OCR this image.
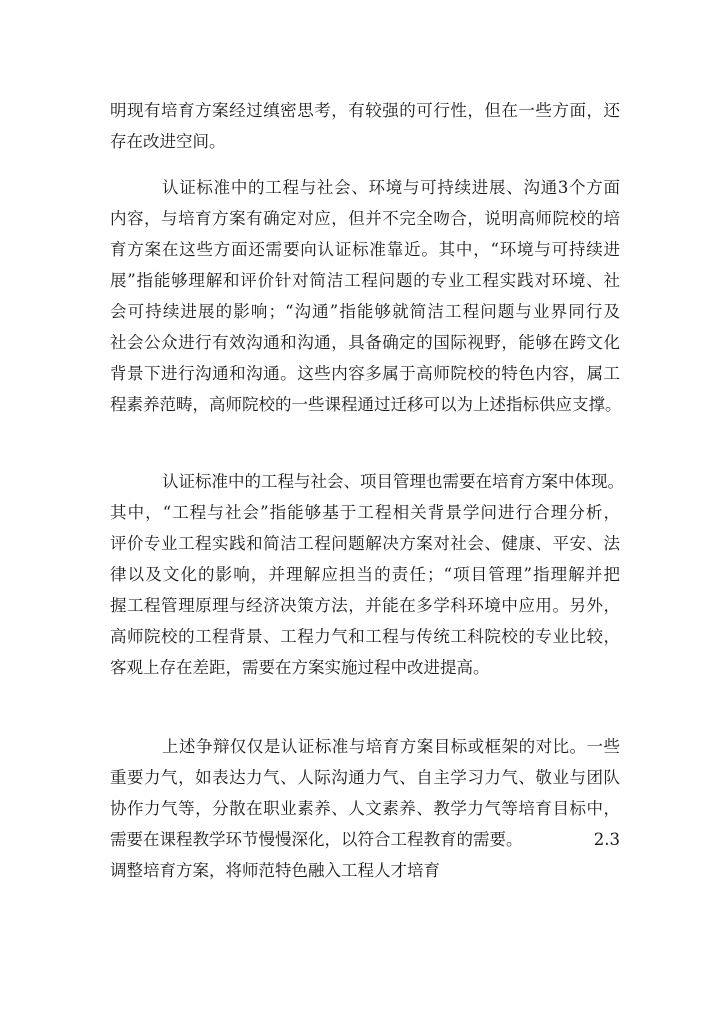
明现有培育方案经过缜密思考，有较强的可行性，但在一些方面，还
存在改进空间。
认证标准中的工程与社会、环境与可持续进展、沟通3个方面
内容，与培育方案有确定对应，但并不完全吻合，说明高师院校的培
育方案在这些方面还需要向认证标准靠近。其中，“环境与可持续进
展”指能够理解和评价针对简洁工程问题的专业工程实践对环境、社
会可持续进展的影响；“沟通”指能够就简洁工程问题与业界同行及
社会公众进行有效沟通和沟通，具备确定的国际视野，能够在跨文化
背景下进行沟通和沟通。这些内容多属于高师院校的特色内容，属工
程素养范畴，高师院校的一些课程通过迁移可以为上述指标供应支撑。
认证标准中的工程与社会、项目管理也需要在培育方案中体现。
其中，“工程与社会”指能够基于工程相关背景学问进行合理分析，
评价专业工程实践和简洁工程问题解决方案对社会、健康、平安、法
律以及文化的影响，并理解应担当的责任；“项目管理”指理解并把
握工程管理原理与经济决策方法，并能在多学科环境中应用。另外，
高师院校的工程背景、工程力气和工程与传统工科院校的专业比较，
客观上存在差距，需要在方案实施过程中改进提高。
上述争辩仅仅是认证标准与培育方案目标或框架的对比。一些
重要力气，如表达力气、人际沟通力气、自主学习力气、敬业与团队
协作力气等，分散在职业素养、人文素养、教学力气等培育目标中，
需要在课程教学环节慢慢深化，以符合工程教育的需要。	2.3
调整培育方案，将师范特色融入工程人才培育
